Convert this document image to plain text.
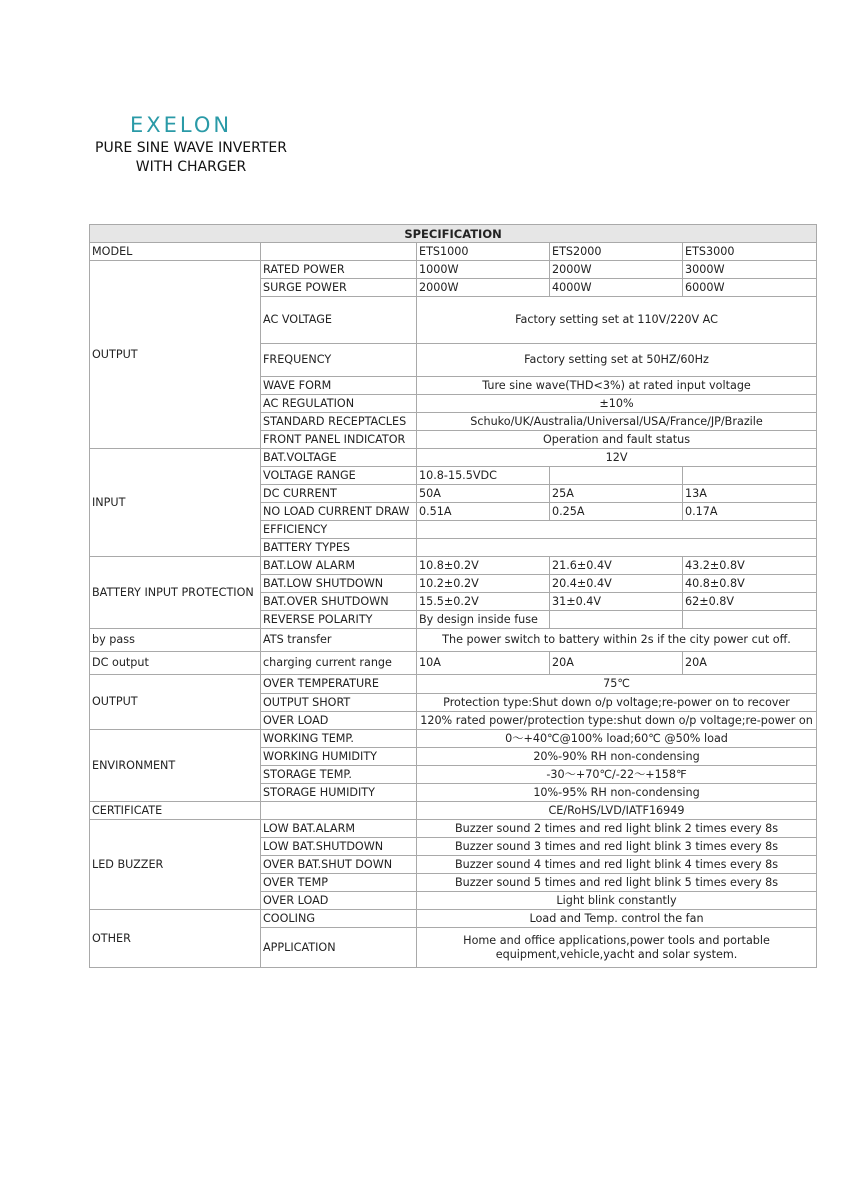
EXELON
PURE SINE WAVE INVERTER
WITH CHARGER
SPECIFICATION				
MODEL		ETS1000	ETS2000	ETS3000
OUTPUT	RATED POWER	1000W	2000W	3000W
	SURGE POWER	2000W	4000W	6000W
	AC VOLTAGE	Factory setting set at 110V/220V AC		
	FREQUENCY	Factory setting set at 50HZ/60Hz		
	WAVE FORM	Ture sine wave(THD<3%) at rated input voltage		
	AC REGULATION	±10%		
	STANDARD RECEPTACLES	Schuko/UK/Australia/Universal/USA/France/JP/Brazile		
	FRONT PANEL INDICATOR	Operation and fault status		
INPUT	BAT.VOLTAGE	12V		
	VOLTAGE RANGE	10.8-15.5VDC		
	DC CURRENT	50A	25A	13A
	NO LOAD CURRENT DRAW	0.51A	0.25A	0.17A
	EFFICIENCY			
	BATTERY TYPES			
BATTERY INPUT PROTECTION	BAT.LOW ALARM	10.8±0.2V	21.6±0.4V	43.2±0.8V
	BAT.LOW SHUTDOWN	10.2±0.2V	20.4±0.4V	40.8±0.8V
	BAT.OVER SHUTDOWN	15.5±0.2V	31±0.4V	62±0.8V
	REVERSE POLARITY	By design inside fuse		
by pass	ATS transfer	The power switch to battery within 2s if the city power cut off.		
DC output	charging current range	10A	20A	20A
OUTPUT	OVER TEMPERATURE	75℃		
	OUTPUT SHORT	Protection type:Shut down o/p voltage;re-power on to recover		
	OVER LOAD	120% rated power/protection type:shut down o/p voltage;re-power on		
ENVIRONMENT	WORKING TEMP.	0～+40℃@100% load;60℃ @50% load		
	WORKING HUMIDITY	20%-90% RH non-condensing		
	STORAGE TEMP.	-30～+70℃/-22～+158℉		
	STORAGE HUMIDITY	10%-95% RH non-condensing		
CERTIFICATE		CE/RoHS/LVD/IATF16949		
LED BUZZER	LOW BAT.ALARM	Buzzer sound 2 times and red light blink 2 times every 8s		
	LOW BAT.SHUTDOWN	Buzzer sound 3 times and red light blink 3 times every 8s		
	OVER BAT.SHUT DOWN	Buzzer sound 4 times and red light blink 4 times every 8s		
	OVER TEMP	Buzzer sound 5 times and red light blink 5 times every 8s		
	OVER LOAD	Light blink constantly		
OTHER	COOLING	Load and Temp. control the fan		
	APPLICATION	Home and office applications,power tools and portable
equipment,vehicle,yacht and solar system.		
